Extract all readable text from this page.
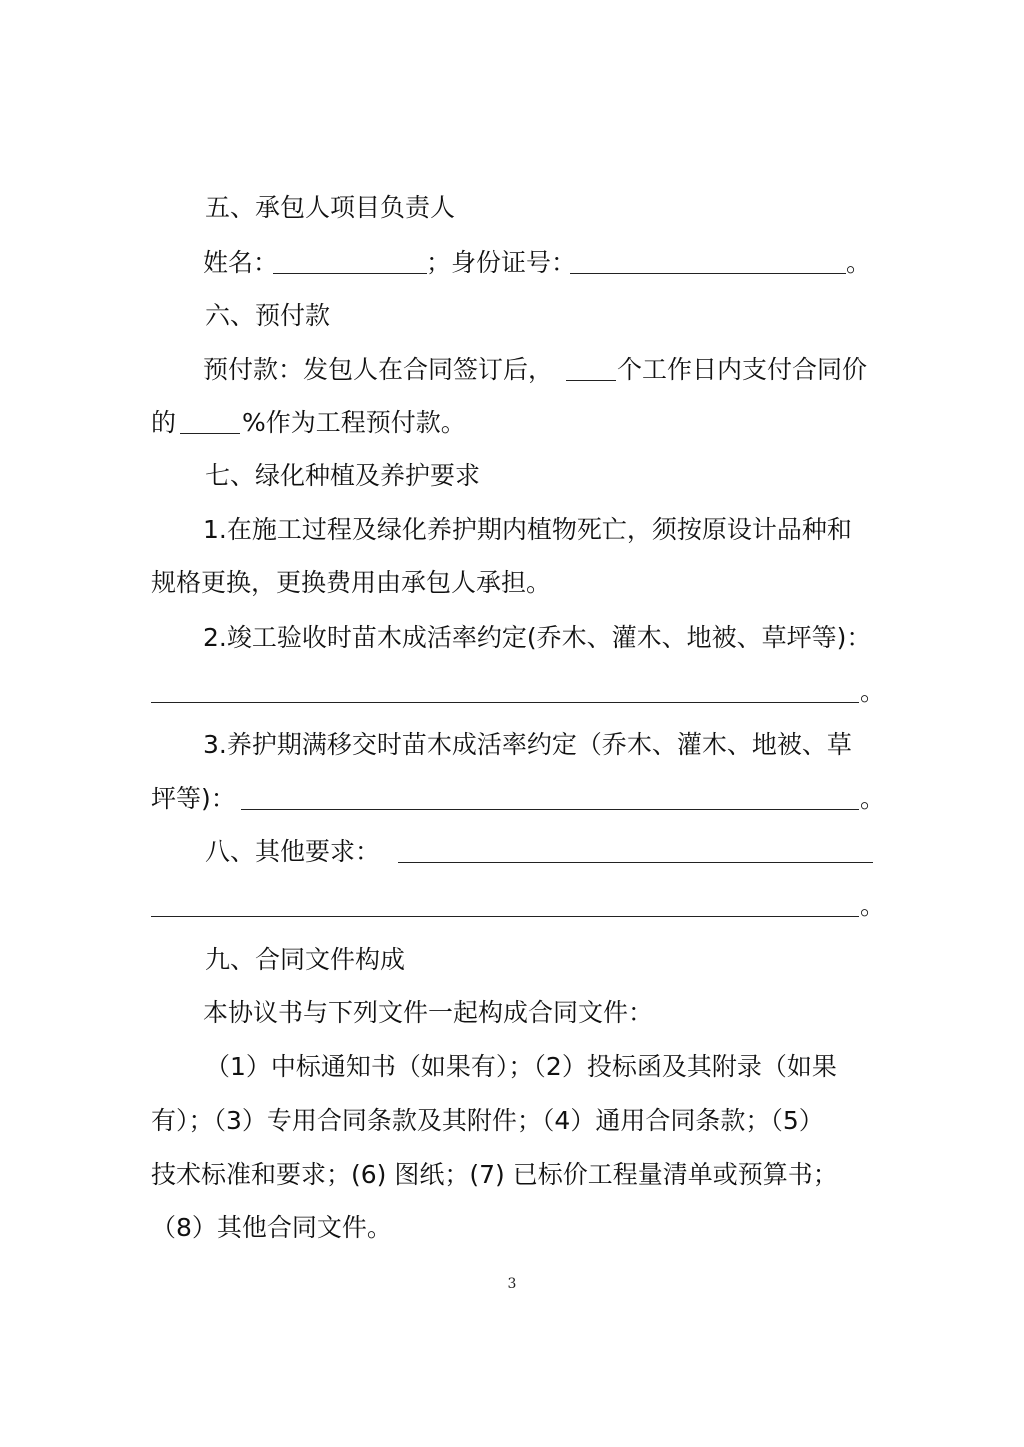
五、承包人项目负责人
姓名：	；身份证号：	。
六、预付款
预付款：发包人在合同签订后，	个工作日内支付合同价
的	%作为工程预付款。
七、绿化种植及养护要求
1.在施工过程及绿化养护期内植物死亡，须按原设计品种和
规格更换，更换费用由承包人承担。
2.竣工验收时苗木成活率约定(乔木、灌木、地被、草坪等)：
。
3.养护期满移交时苗木成活率约定（乔木、灌木、地被、草
坪等)：	。
八、其他要求：
。
九、合同文件构成
本协议书与下列文件一起构成合同文件：
（1）中标通知书（如果有）；（2）投标函及其附录（如果
有）；（3）专用合同条款及其附件；（4）通用合同条款；（5）
技术标准和要求；(6) 图纸；(7) 已标价工程量清单或预算书；
（8）其他合同文件。
3
